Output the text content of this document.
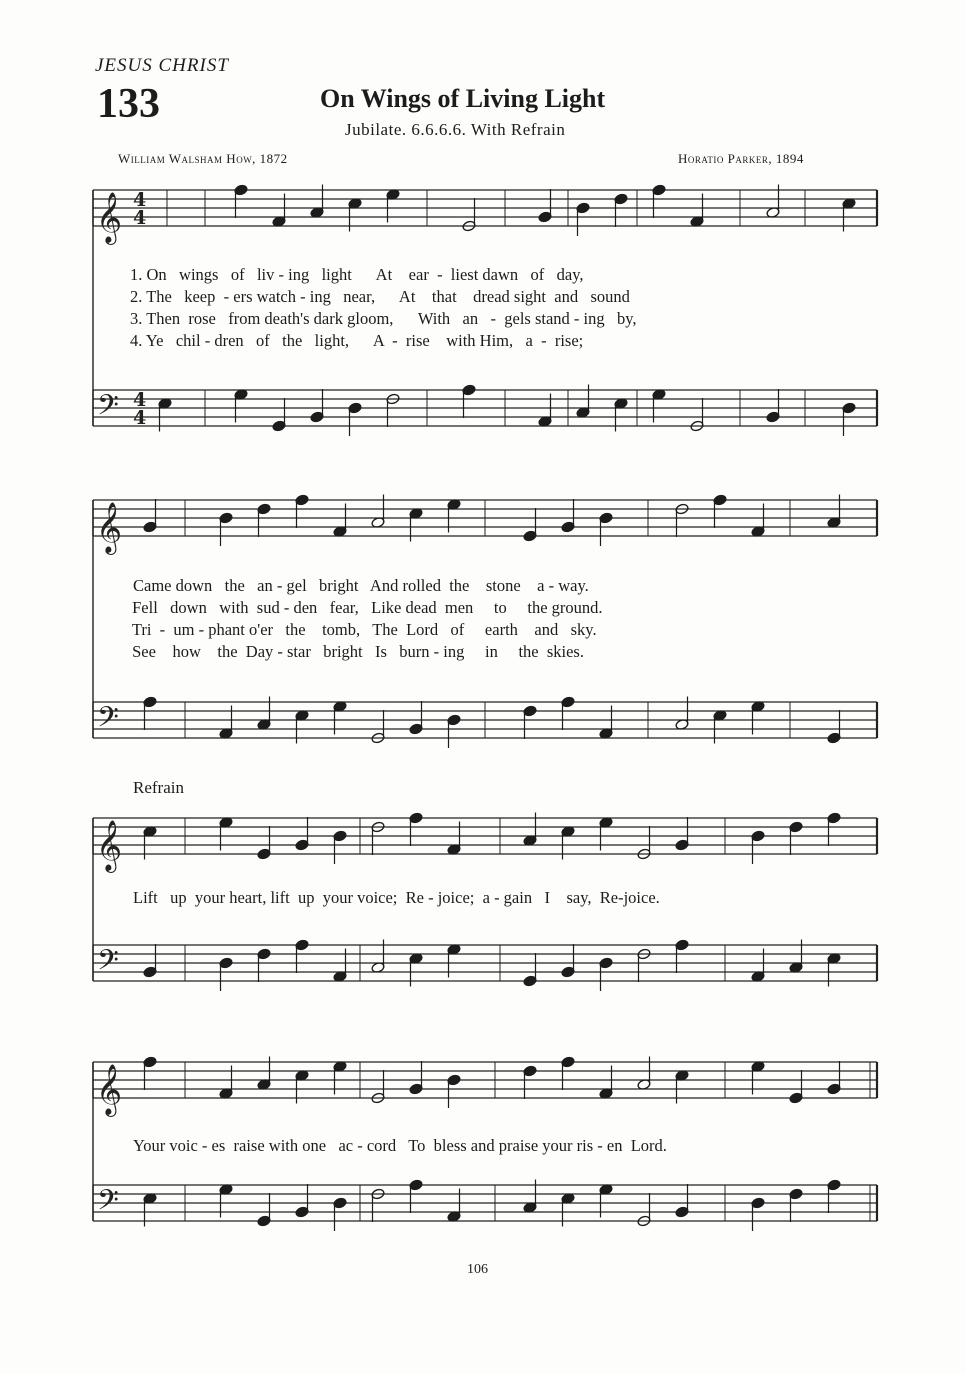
JESUS CHRIST
133	On Wings of Living Light
Jubilate. 6.6.6.6. With Refrain
William Walsham How, 1872	Horatio Parker, 1894
𝄞 4
4
𝄢 4
4
𝄞
𝄢
𝄞
𝄢
𝄞
𝄢
1. On   wings   of   liv - ing   light      At    ear  -  liest dawn   of   day,
2. The   keep  - ers watch - ing   near,      At    that    dread sight  and   sound
3. Then  rose   from death's dark gloom,      With   an   -  gels stand - ing   by,
4. Ye   chil - dren   of   the   light,      A  -  rise    with Him,   a  -  rise;
Came down   the   an - gel   bright   And rolled  the    stone    a - way.
Fell   down   with  sud - den   fear,   Like dead  men     to     the ground.
Tri  -  um - phant o'er   the    tomb,   The  Lord   of     earth    and   sky.
See    how    the  Day - star   bright   Is   burn - ing     in     the  skies.
Refrain
Lift   up  your heart, lift  up  your voice;  Re - joice;  a - gain   I    say,  Re-joice.
Your voic - es  raise with one   ac - cord   To  bless and praise your ris - en  Lord.
106
